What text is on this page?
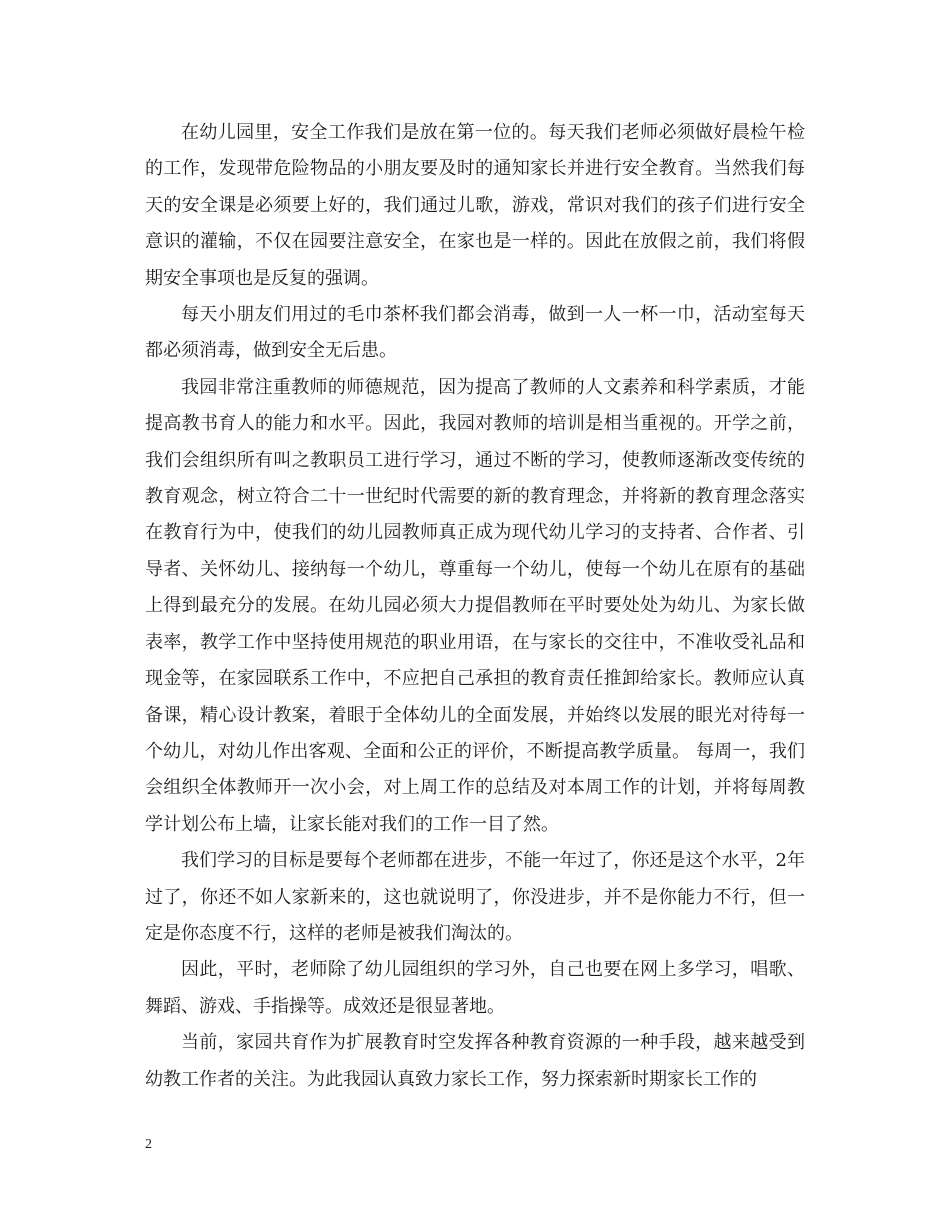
在幼儿园里，安全工作我们是放在第一位的。每天我们老师必须做好晨检午检的工作，发现带危险物品的小朋友要及时的通知家长并进行安全教育。当然我们每天的安全课是必须要上好的，我们通过儿歌，游戏，常识对我们的孩子们进行安全意识的灌输，不仅在园要注意安全，在家也是一样的。因此在放假之前，我们将假期安全事项也是反复的强调。

每天小朋友们用过的毛巾茶杯我们都会消毒，做到一人一杯一巾，活动室每天都必须消毒，做到安全无后患。

我园非常注重教师的师德规范，因为提高了教师的人文素养和科学素质，才能提高教书育人的能力和水平。因此，我园对教师的培训是相当重视的。开学之前，我们会组织所有叫之教职员工进行学习，通过不断的学习，使教师逐渐改变传统的教育观念，树立符合二十一世纪时代需要的新的教育理念，并将新的教育理念落实在教育行为中，使我们的幼儿园教师真正成为现代幼儿学习的支持者、合作者、引导者、关怀幼儿、接纳每一个幼儿，尊重每一个幼儿，使每一个幼儿在原有的基础上得到最充分的发展。在幼儿园必须大力提倡教师在平时要处处为幼儿、为家长做表率，教学工作中坚持使用规范的职业用语，在与家长的交往中，不准收受礼品和现金等，在家园联系工作中，不应把自己承担的教育责任推卸给家长。教师应认真备课，精心设计教案，着眼于全体幼儿的全面发展，并始终以发展的眼光对待每一个幼儿，对幼儿作出客观、全面和公正的评价，不断提高教学质量。 每周一，我们会组织全体教师开一次小会，对上周工作的总结及对本周工作的计划，并将每周教学计划公布上墙，让家长能对我们的工作一目了然。

我们学习的目标是要每个老师都在进步，不能一年过了，你还是这个水平，2年过了，你还不如人家新来的，这也就说明了，你没进步，并不是你能力不行，但一定是你态度不行，这样的老师是被我们淘汰的。

因此，平时，老师除了幼儿园组织的学习外，自己也要在网上多学习，唱歌、舞蹈、游戏、手指操等。成效还是很显著地。

当前，家园共育作为扩展教育时空发挥各种教育资源的一种手段，越来越受到幼教工作者的关注。为此我园认真致力家长工作，努力探索新时期家长工作的

2
